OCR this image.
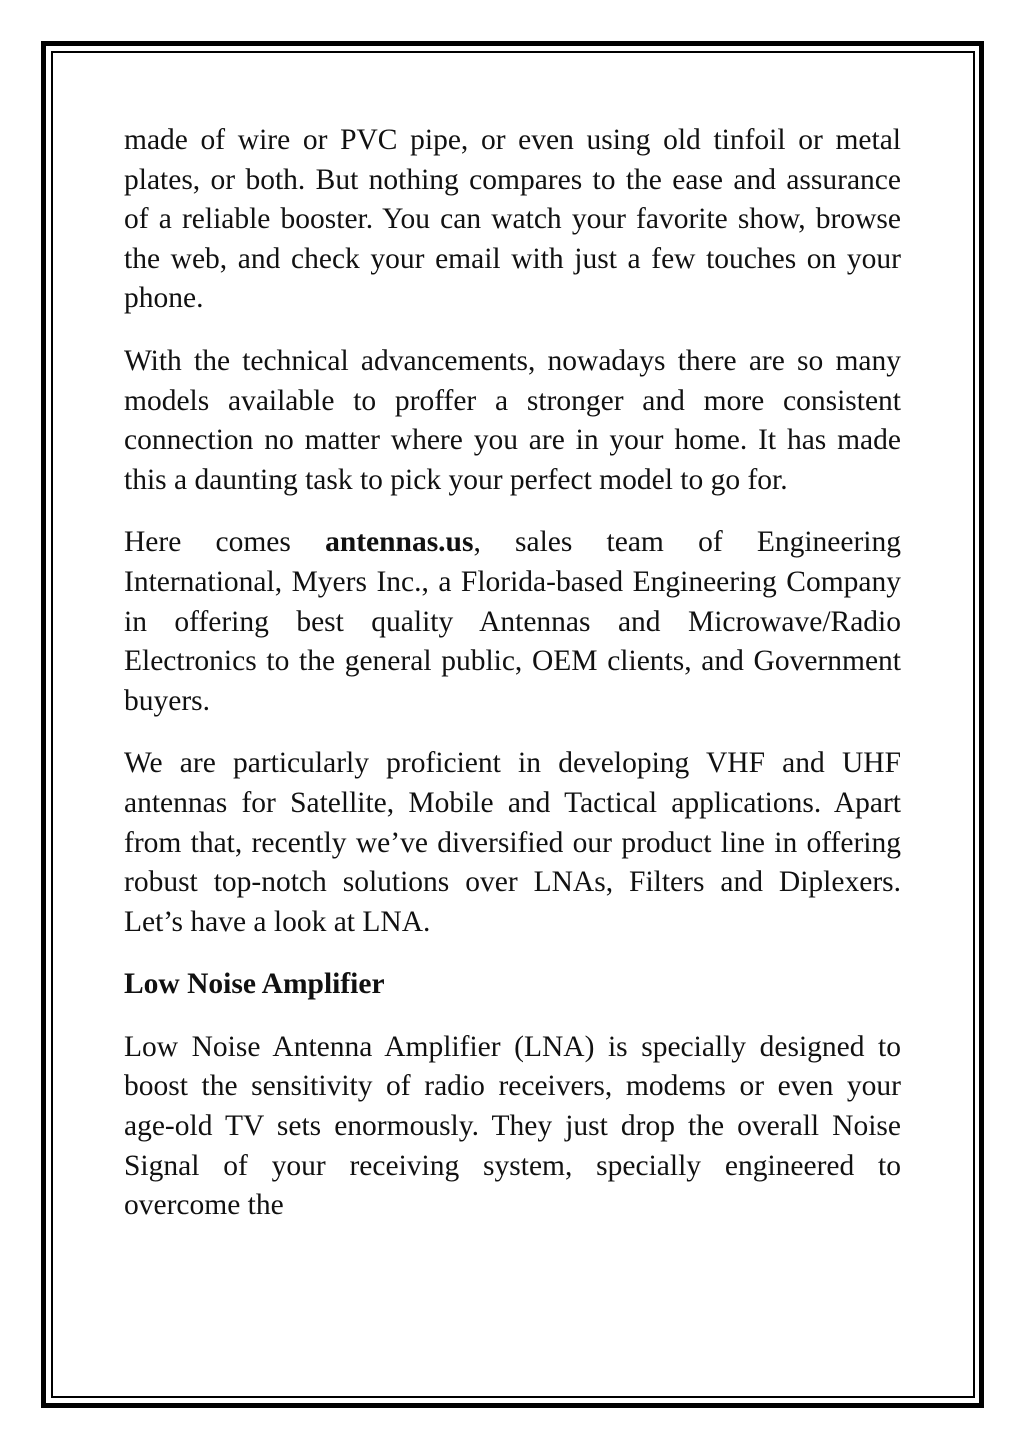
made of wire or PVC pipe, or even using old tinfoil or metal plates, or both. But nothing compares to the ease and assurance of a reliable booster. You can watch your favorite show, browse the web, and check your email with just a few touches on your phone.

With the technical advancements, nowadays there are so many models available to proffer a stronger and more consistent connection no matter where you are in your home. It has made this a daunting task to pick your perfect model to go for.

Here comes antennas.us, sales team of Engineering International, Myers Inc., a Florida-based Engineering Company in offering best quality Antennas and Microwave/Radio Electronics to the general public, OEM clients, and Government buyers.

We are particularly proficient in developing VHF and UHF antennas for Satellite, Mobile and Tactical applications. Apart from that, recently we’ve diversified our product line in offering robust top-notch solutions over LNAs, Filters and Diplexers. Let’s have a look at LNA.

Low Noise Amplifier

Low Noise Antenna Amplifier (LNA) is specially designed to boost the sensitivity of radio receivers, modems or even your age-old TV sets enormously. They just drop the overall Noise Signal of your receiving system, specially engineered to overcome the
